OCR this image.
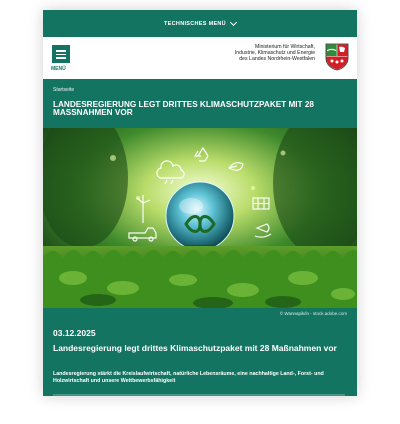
TECHNISCHES MENÜ
MENÜ
Ministerium für Wirtschaft,
Industrie, Klimaschutz und Energie
des Landes Nordrhein-Westfalen
Startseite
LANDESREGIERUNG LEGT DRITTES KLIMASCHUTZPAKET MIT 28 MASSNAHMEN VOR
© Wannapik/in - stock.adobe.com
03.12.2025
Landesregierung legt drittes Klimaschutzpaket mit 28 Maßnahmen vor
Landesregierung stärkt die Kreislaufwirtschaft, natürliche Lebensräume, eine nachhaltige Land-, Forst- und Holzwirtschaft und unsere Wettbewerbsfähigkeit
